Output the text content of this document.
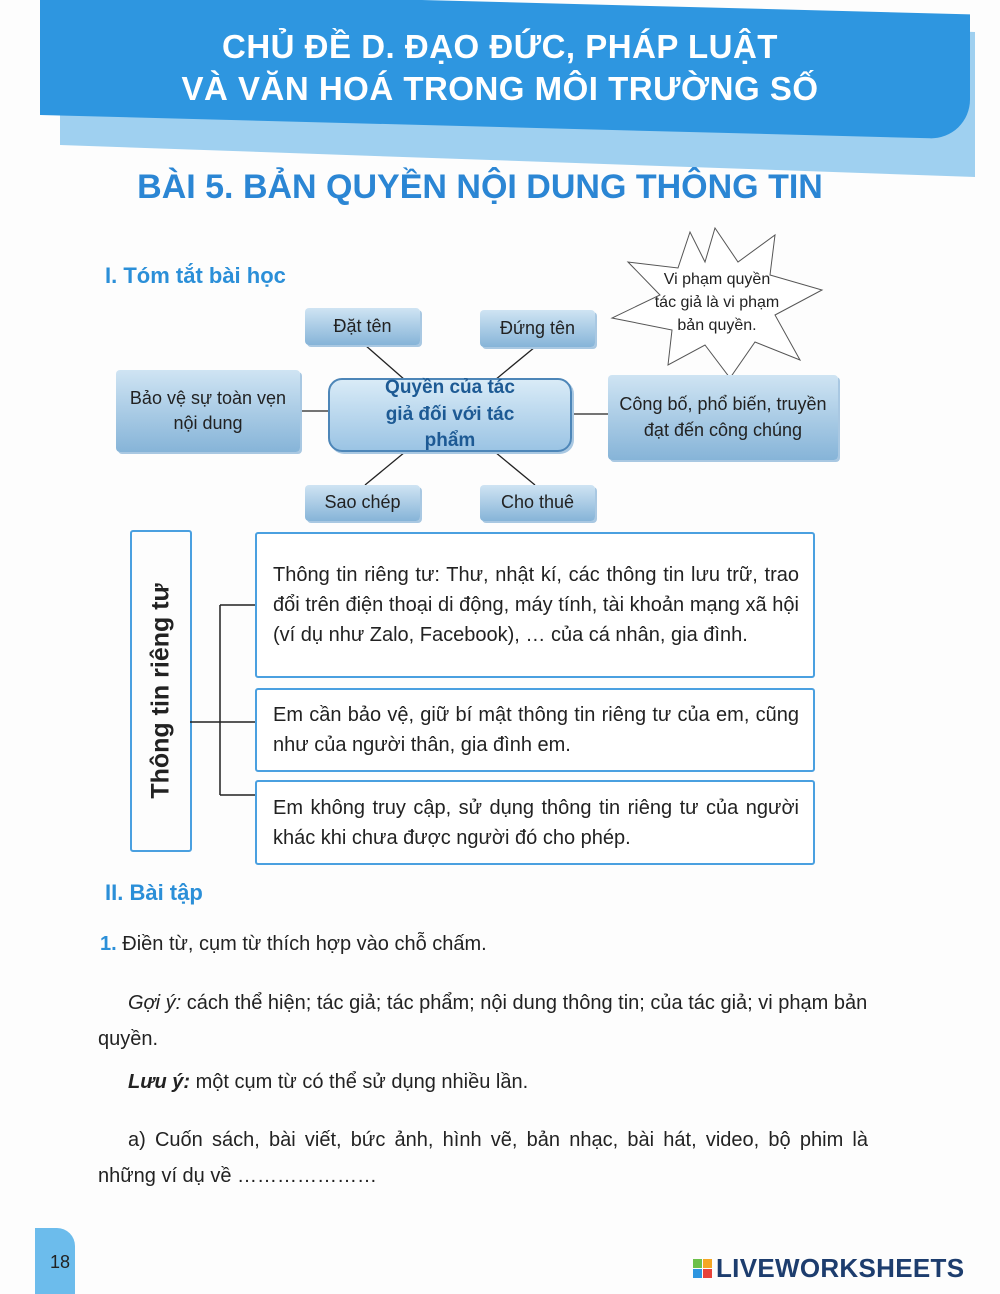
CHỦ ĐỀ D. ĐẠO ĐỨC, PHÁP LUẬT
VÀ VĂN HOÁ TRONG MÔI TRƯỜNG SỐ
BÀI 5. BẢN QUYỀN NỘI DUNG THÔNG TIN
I. Tóm tắt bài học
Đặt tên	Đứng tên
Bảo vệ sự toàn vẹn nội dung
Quyền của tác giả đối với tác phẩm
Công bố, phổ biến, truyền đạt đến công chúng
Sao chép	Cho thuê
Vi phạm quyền tác giả là vi phạm bản quyền.
Thông tin riêng tư
Thông tin riêng tư: Thư, nhật kí, các thông tin lưu trữ, trao đổi trên điện thoại di động, máy tính, tài khoản mạng xã hội (ví dụ như Zalo, Facebook), … của cá nhân, gia đình.
Em cần bảo vệ, giữ bí mật thông tin riêng tư của em, cũng như của người thân, gia đình em.
Em không truy cập, sử dụng thông tin riêng tư của người khác khi chưa được người đó cho phép.
II. Bài tập
1. Điền từ, cụm từ thích hợp vào chỗ chấm.
Gợi ý: cách thể hiện; tác giả; tác phẩm; nội dung thông tin; của tác giả; vi phạm bản quyền.
Lưu ý: một cụm từ có thể sử dụng nhiều lần.
a) Cuốn sách, bài viết, bức ảnh, hình vẽ, bản nhạc, bài hát, video, bộ phim là những ví dụ về …………………
18	LIVEWORKSHEETS
